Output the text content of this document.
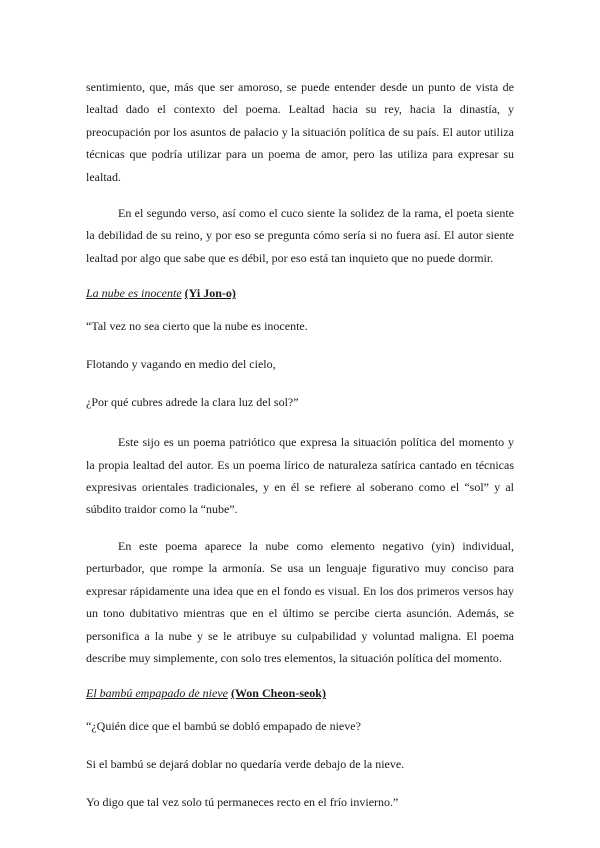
sentimiento, que, más que ser amoroso, se puede entender desde un punto de vista de lealtad dado el contexto del poema. Lealtad hacia su rey, hacia la dinastía, y preocupación por los asuntos de palacio y la situación política de su país. El autor utiliza técnicas que podría utilizar para un poema de amor, pero las utiliza para expresar su lealtad.

En el segundo verso, así como el cuco siente la solidez de la rama, el poeta siente la debilidad de su reino, y por eso se pregunta cómo sería si no fuera así. El autor siente lealtad por algo que sabe que es débil, por eso está tan inquieto que no puede dormir.

La nube es inocente (Yi Jon-o)

“Tal vez no sea cierto que la nube es inocente.

Flotando y vagando en medio del cielo,

¿Por qué cubres adrede la clara luz del sol?”

Este sijo es un poema patriótico que expresa la situación política del momento y la propia lealtad del autor. Es un poema lírico de naturaleza satírica cantado en técnicas expresivas orientales tradicionales, y en él se refiere al soberano como el “sol” y al súbdito traidor como la “nube”.

En este poema aparece la nube como elemento negativo (yin) individual, perturbador, que rompe la armonía. Se usa un lenguaje figurativo muy conciso para expresar rápidamente una idea que en el fondo es visual. En los dos primeros versos hay un tono dubitativo mientras que en el último se percibe cierta asunción. Además, se personifica a la nube y se le atribuye su culpabilidad y voluntad maligna. El poema describe muy simplemente, con solo tres elementos, la situación política del momento.

El bambú empapado de nieve (Won Cheon-seok)

“¿Quién dice que el bambú se dobló empapado de nieve?

Si el bambú se dejará doblar no quedaría verde debajo de la nieve.

Yo digo que tal vez solo tú permaneces recto en el frío invierno.”
